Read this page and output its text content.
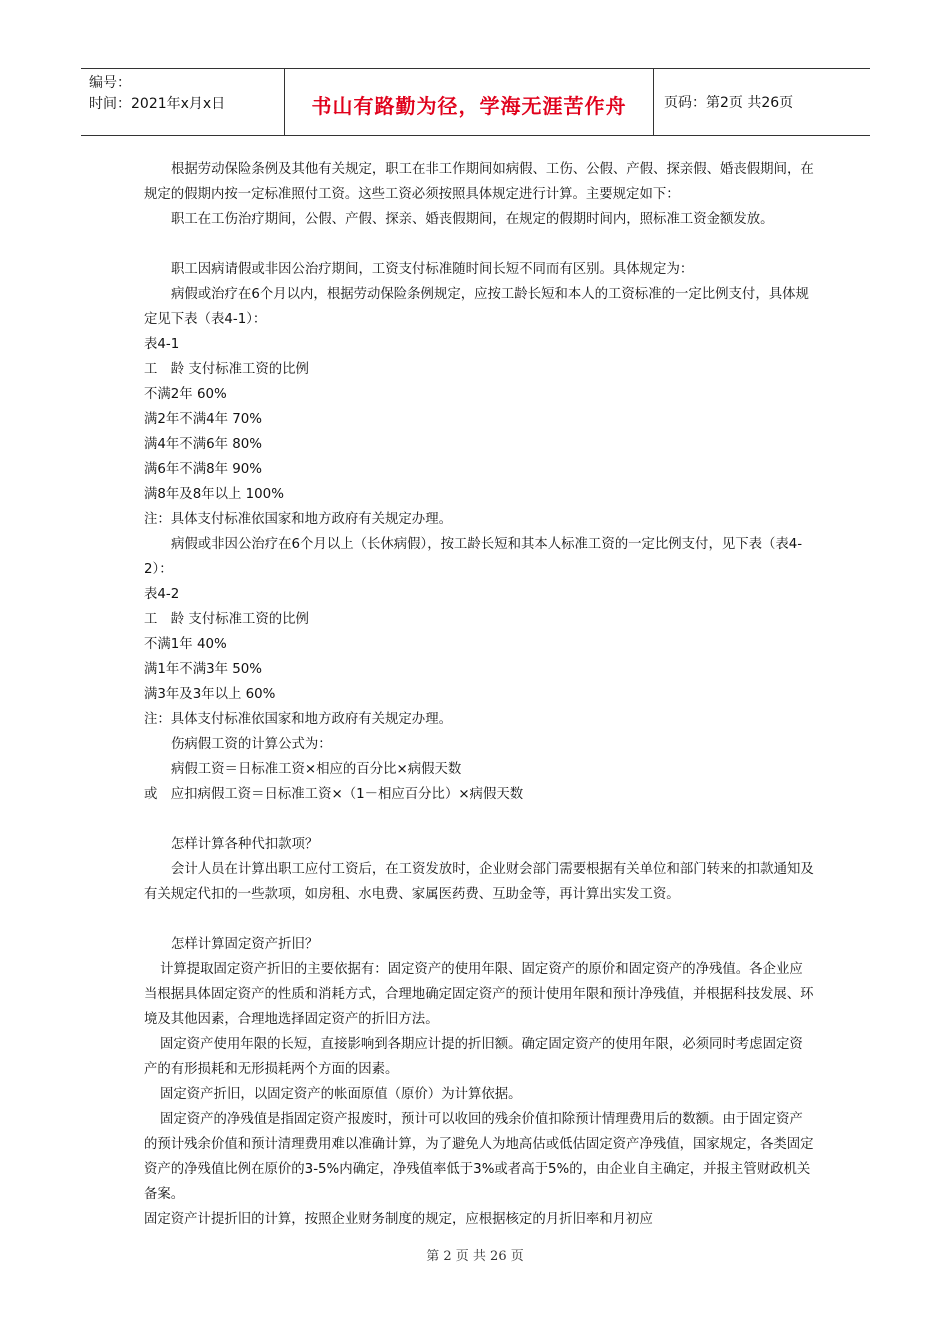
编号：
时间：2021年x月x日	书山有路勤为径，学海无涯苦作舟	页码：第2页 共26页

根据劳动保险条例及其他有关规定，职工在非工作期间如病假、工伤、公假、产假、探亲假、婚丧假期间，在规定的假期内按一定标准照付工资。这些工资必须按照具体规定进行计算。主要规定如下：

职工在工伤治疗期间，公假、产假、探亲、婚丧假期间，在规定的假期时间内，照标准工资金额发放。

职工因病请假或非因公治疗期间，工资支付标准随时间长短不同而有区别。具体规定为：

病假或治疗在6个月以内，根据劳动保险条例规定，应按工龄长短和本人的工资标准的一定比例支付，具体规定见下表（表4-1）：

表4-1

工　龄 支付标准工资的比例

不满2年 60%

满2年不满4年 70%

满4年不满6年 80%

满6年不满8年 90%

满8年及8年以上 100%

注：具体支付标准依国家和地方政府有关规定办理。

病假或非因公治疗在6个月以上（长休病假），按工龄长短和其本人标准工资的一定比例支付，见下表（表4-2）：

表4-2

工　龄 支付标准工资的比例

不满1年 40%

满1年不满3年 50%

满3年及3年以上 60%

注：具体支付标准依国家和地方政府有关规定办理。

伤病假工资的计算公式为：

病假工资＝日标准工资×相应的百分比×病假天数

或　应扣病假工资＝日标准工资×（1－相应百分比）×病假天数

怎样计算各种代扣款项？

会计人员在计算出职工应付工资后，在工资发放时，企业财会部门需要根据有关单位和部门转来的扣款通知及有关规定代扣的一些款项，如房租、水电费、家属医药费、互助金等，再计算出实发工资。

怎样计算固定资产折旧？

计算提取固定资产折旧的主要依据有：固定资产的使用年限、固定资产的原价和固定资产的净残值。各企业应当根据具体固定资产的性质和消耗方式，合理地确定固定资产的预计使用年限和预计净残值，并根据科技发展、环境及其他因素，合理地选择固定资产的折旧方法。

固定资产使用年限的长短，直接影响到各期应计提的折旧额。确定固定资产的使用年限，必须同时考虑固定资产的有形损耗和无形损耗两个方面的因素。

固定资产折旧，以固定资产的帐面原值（原价）为计算依据。

固定资产的净残值是指固定资产报废时，预计可以收回的残余价值扣除预计情理费用后的数额。由于固定资产的预计残余价值和预计清理费用难以准确计算，为了避免人为地高估或低估固定资产净残值，国家规定，各类固定资产的净残值比例在原价的3-5%内确定，净残值率低于3%或者高于5%的，由企业自主确定，并报主管财政机关备案。

固定资产计提折旧的计算，按照企业财务制度的规定，应根据核定的月折旧率和月初应

第 2 页 共 26 页
